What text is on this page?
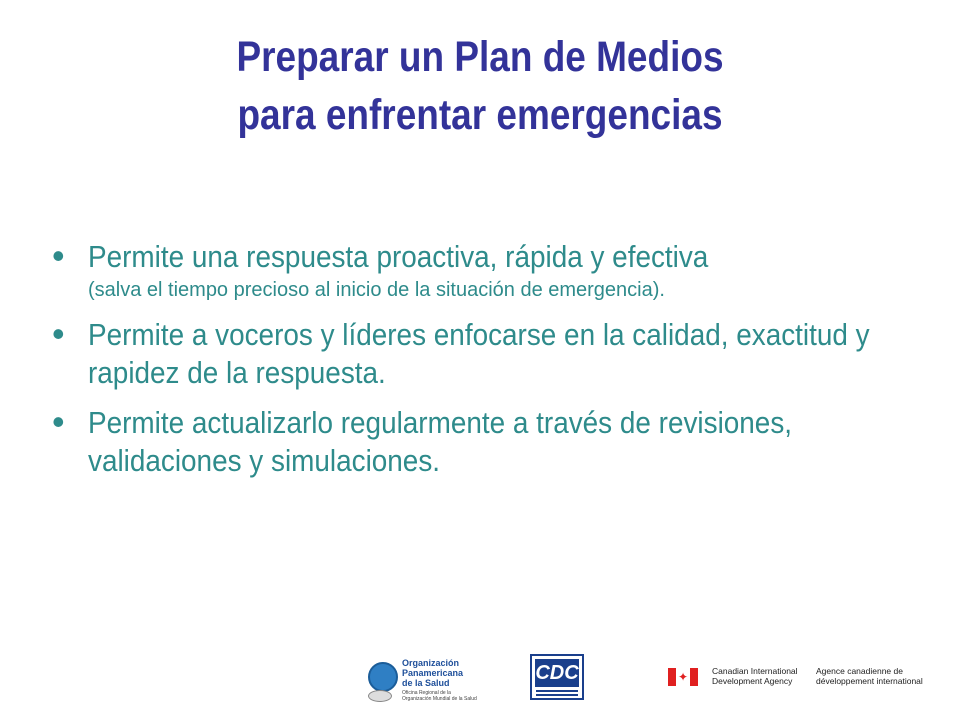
Preparar un Plan de Medios
para enfrentar emergencias
• Permite una respuesta proactiva, rápida y efectiva
(salva el tiempo precioso al inicio de la situación de emergencia).
• Permite a voceros y líderes enfocarse en la calidad, exactitud y rapidez de la respuesta.
• Permite actualizarlo regularmente a través de revisiones, validaciones y simulaciones.
Organización
Panamericana
de la Salud
Oficina Regional de la
Organización Mundial de la Salud
CDC	✦	Canadian International
Development Agency
Agence canadienne de
développement international
